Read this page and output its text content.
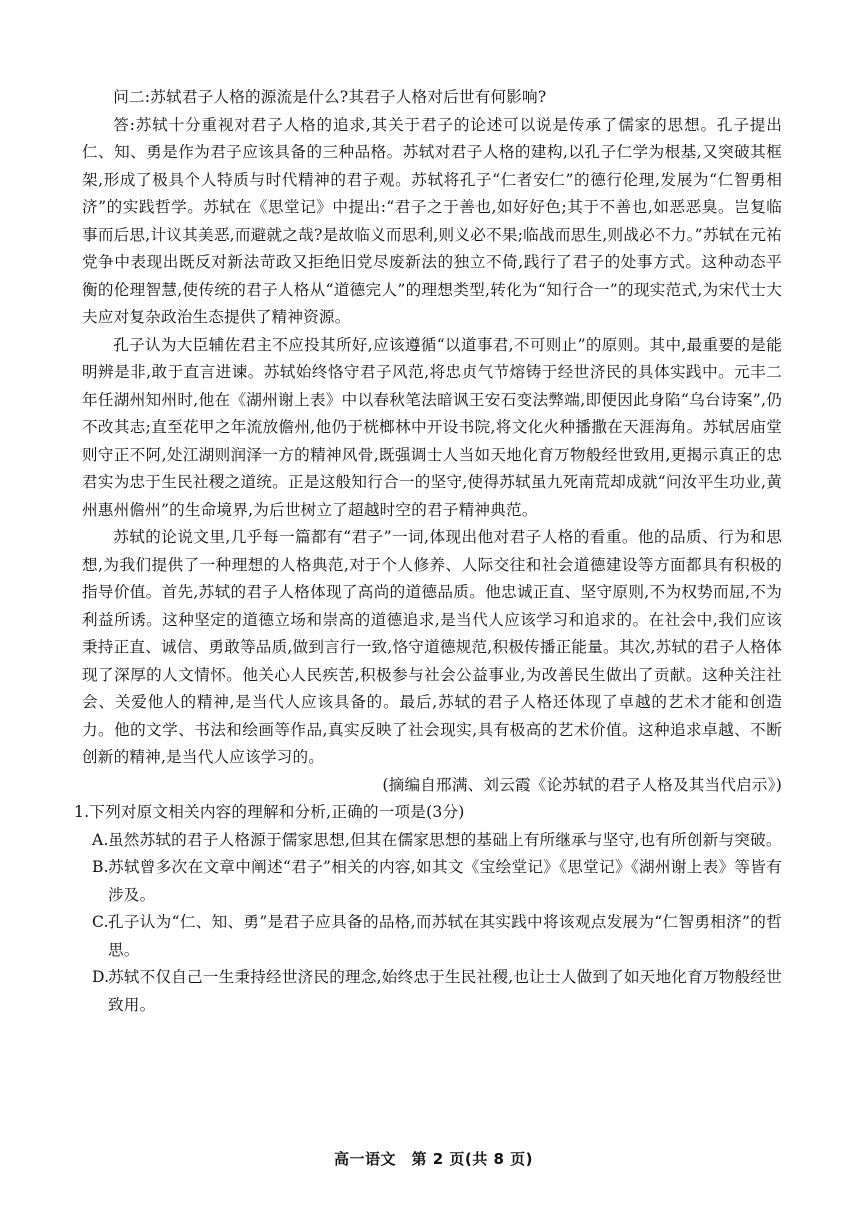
问二:苏轼君子人格的源流是什么?其君子人格对后世有何影响?

答:苏轼十分重视对君子人格的追求,其关于君子的论述可以说是传承了儒家的思想。孔子提出仁、知、勇是作为君子应该具备的三种品格。苏轼对君子人格的建构,以孔子仁学为根基,又突破其框架,形成了极具个人特质与时代精神的君子观。苏轼将孔子“仁者安仁”的德行伦理,发展为“仁智勇相济”的实践哲学。苏轼在《思堂记》中提出:“君子之于善也,如好好色;其于不善也,如恶恶臭。岂复临事而后思,计议其美恶,而避就之哉?是故临义而思利,则义必不果;临战而思生,则战必不力。”苏轼在元祐党争中表现出既反对新法苛政又拒绝旧党尽废新法的独立不倚,践行了君子的处事方式。这种动态平衡的伦理智慧,使传统的君子人格从“道德完人”的理想类型,转化为“知行合一”的现实范式,为宋代士大夫应对复杂政治生态提供了精神资源。

孔子认为大臣辅佐君主不应投其所好,应该遵循“以道事君,不可则止”的原则。其中,最重要的是能明辨是非,敢于直言进谏。苏轼始终恪守君子风范,将忠贞气节熔铸于经世济民的具体实践中。元丰二年任湖州知州时,他在《湖州谢上表》中以春秋笔法暗讽王安石变法弊端,即便因此身陷“乌台诗案”,仍不改其志;直至花甲之年流放儋州,他仍于桄榔林中开设书院,将文化火种播撒在天涯海角。苏轼居庙堂则守正不阿,处江湖则润泽一方的精神风骨,既强调士人当如天地化育万物般经世致用,更揭示真正的忠君实为忠于生民社稷之道统。正是这般知行合一的坚守,使得苏轼虽九死南荒却成就“问汝平生功业,黄州惠州儋州”的生命境界,为后世树立了超越时空的君子精神典范。

苏轼的论说文里,几乎每一篇都有“君子”一词,体现出他对君子人格的看重。他的品质、行为和思想,为我们提供了一种理想的人格典范,对于个人修养、人际交往和社会道德建设等方面都具有积极的指导价值。首先,苏轼的君子人格体现了高尚的道德品质。他忠诚正直、坚守原则,不为权势而屈,不为利益所诱。这种坚定的道德立场和崇高的道德追求,是当代人应该学习和追求的。在社会中,我们应该秉持正直、诚信、勇敢等品质,做到言行一致,恪守道德规范,积极传播正能量。其次,苏轼的君子人格体现了深厚的人文情怀。他关心人民疾苦,积极参与社会公益事业,为改善民生做出了贡献。这种关注社会、关爱他人的精神,是当代人应该具备的。最后,苏轼的君子人格还体现了卓越的艺术才能和创造力。他的文学、书法和绘画等作品,真实反映了社会现实,具有极高的艺术价值。这种追求卓越、不断创新的精神,是当代人应该学习的。

(摘编自邢满、刘云霞《论苏轼的君子人格及其当代启示》)

1.下列对原文相关内容的理解和分析,正确的一项是(3分)

A. 虽然苏轼的君子人格源于儒家思想,但其在儒家思想的基础上有所继承与坚守,也有所创新与突破。
B. 苏轼曾多次在文章中阐述“君子”相关的内容,如其文《宝绘堂记》《思堂记》《湖州谢上表》等皆有涉及。
C. 孔子认为“仁、知、勇”是君子应具备的品格,而苏轼在其实践中将该观点发展为“仁智勇相济”的哲思。
D.
苏轼不仅自己一生秉持经世济民的理念,始终忠于生民社稷,也让士人做到了如天地化育万物般经世致用。
高一语文　第 2 页(共 8 页)
